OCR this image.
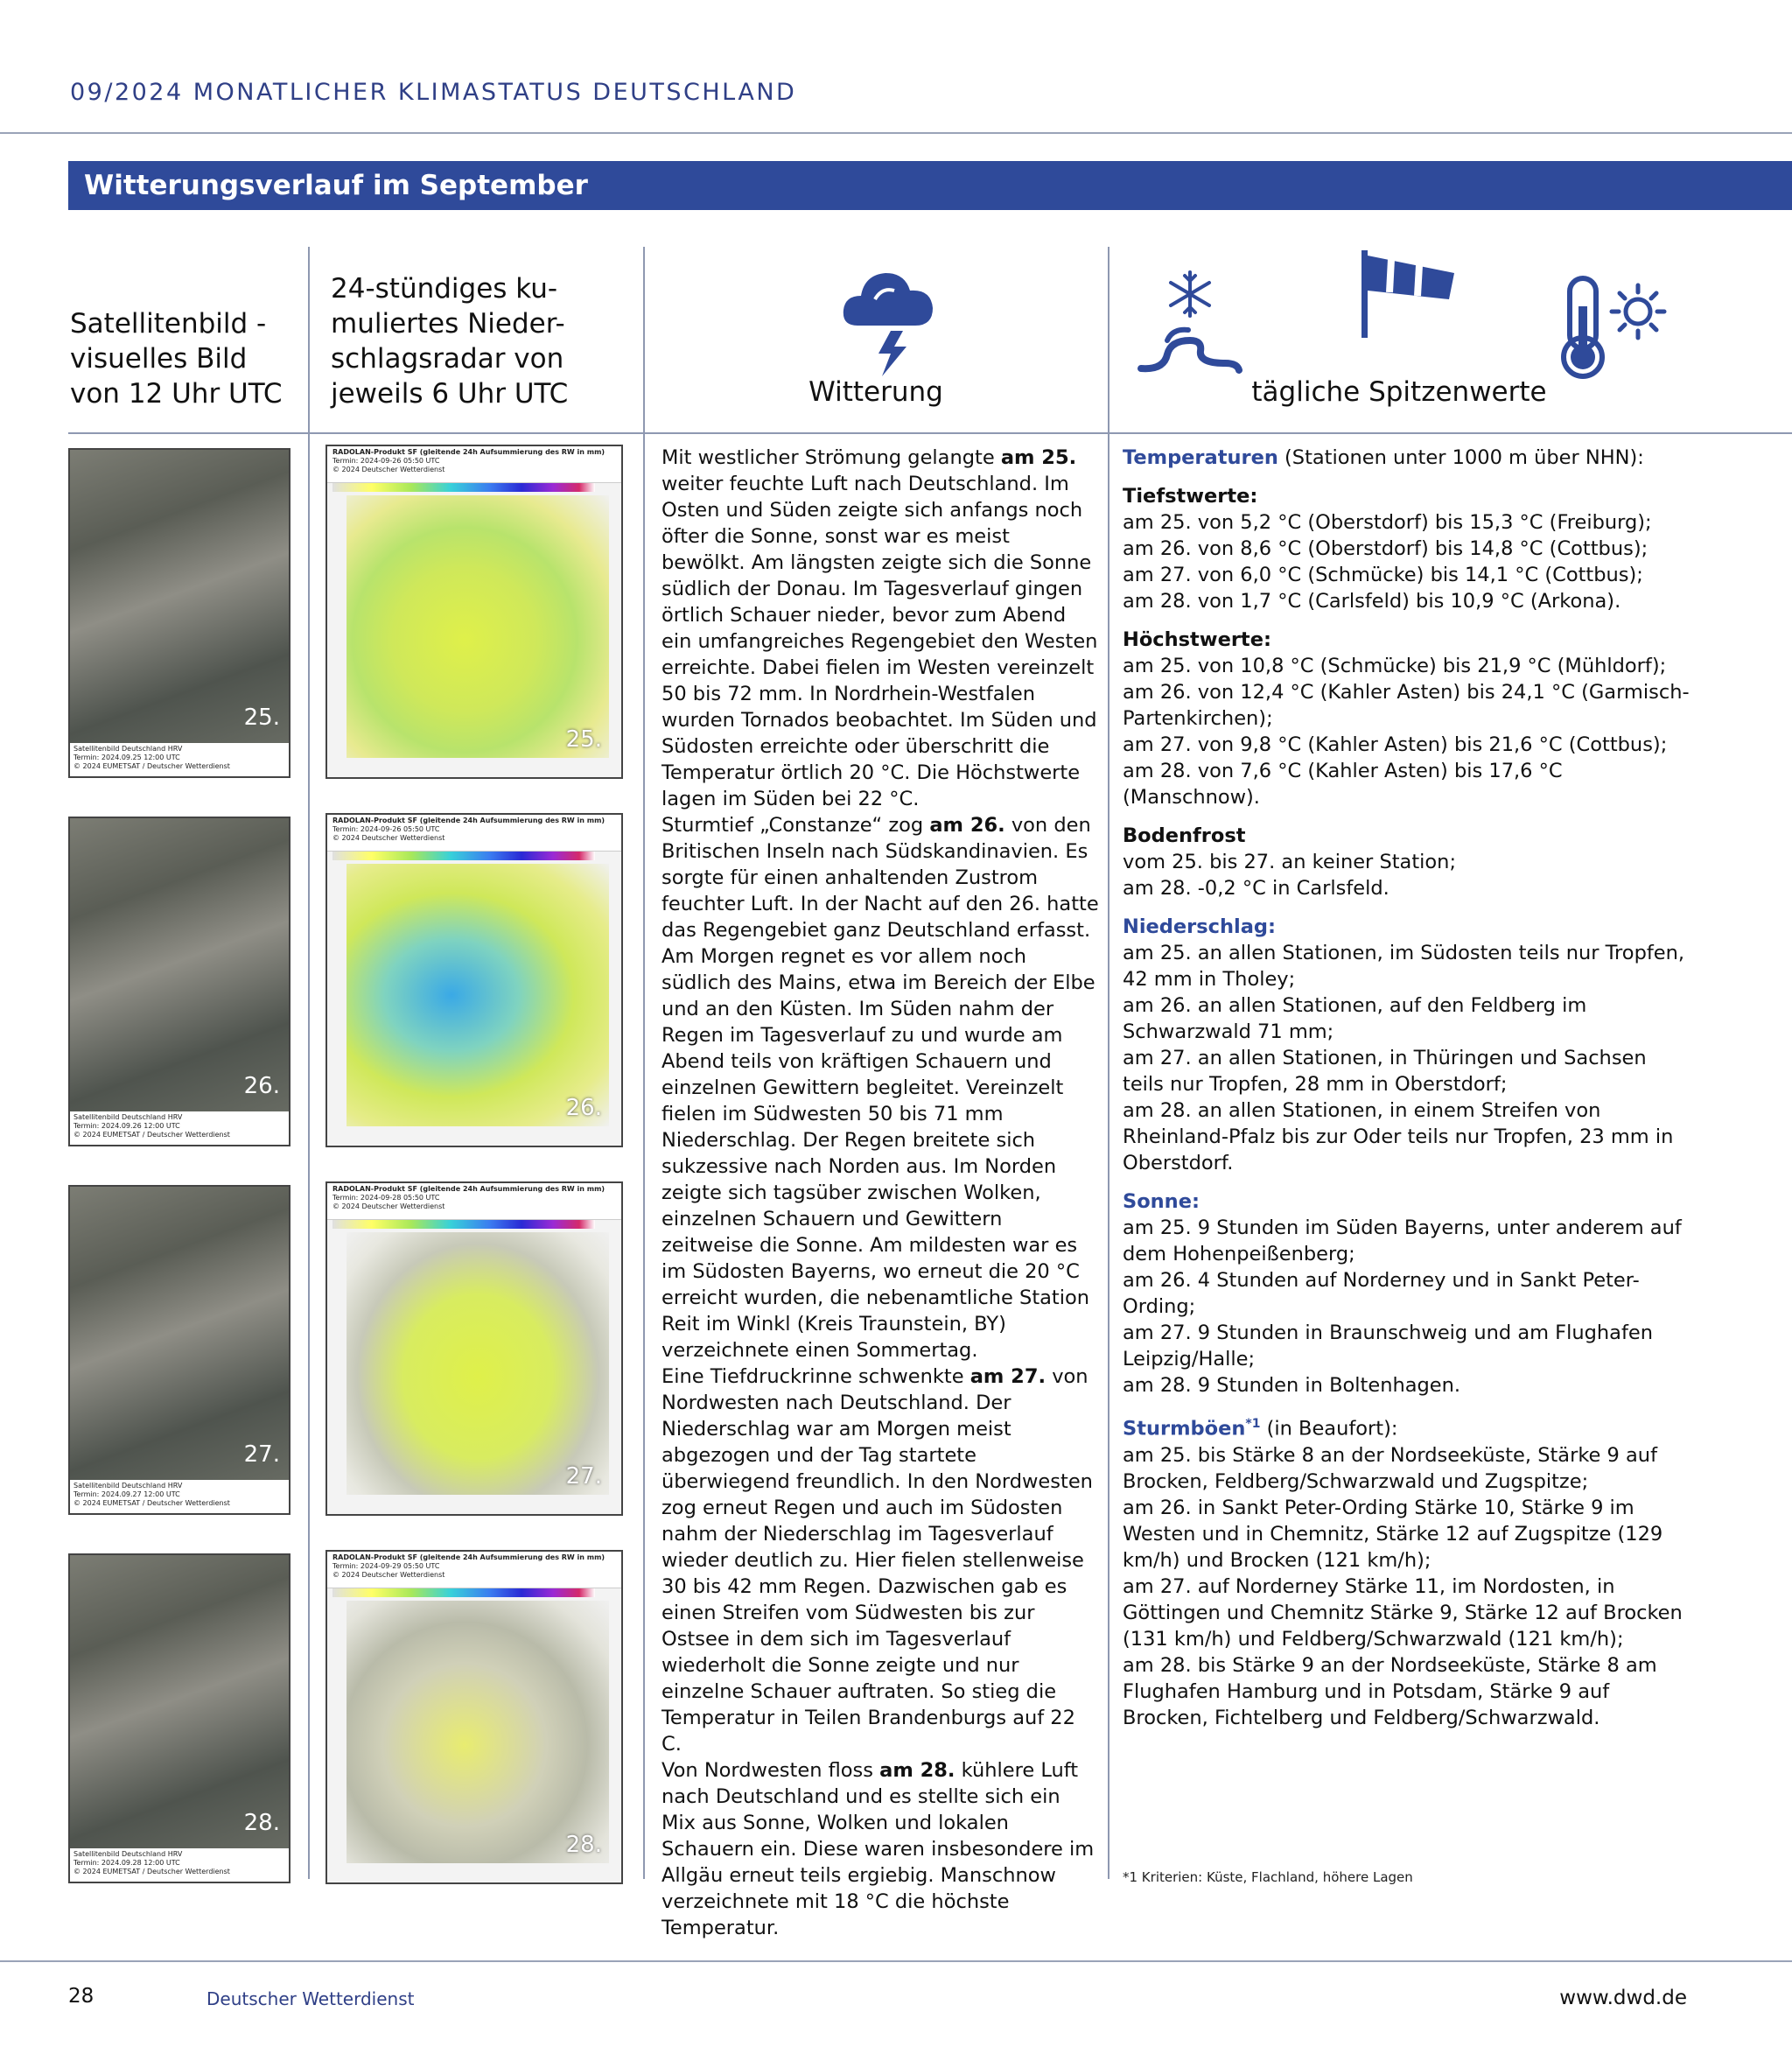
09/2024 MONATLICHER KLIMASTATUS DEUTSCHLAND
Witterungsverlauf im September
Satellitenbild -
visuelles Bild
von 12 Uhr UTC
24-stündiges ku-
muliertes Nieder-
schlagsradar von
jeweils 6 Uhr UTC	Witterung	tägliche Spitzenwerte
25.
Satellitenbild Deutschland HRV
Termin: 2024.09.25 12:00 UTC
© 2024 EUMETSAT / Deutscher Wetterdienst
26.
Satellitenbild Deutschland HRV
Termin: 2024.09.26 12:00 UTC
© 2024 EUMETSAT / Deutscher Wetterdienst
27.
Satellitenbild Deutschland HRV
Termin: 2024.09.27 12:00 UTC
© 2024 EUMETSAT / Deutscher Wetterdienst
28.
Satellitenbild Deutschland HRV
Termin: 2024.09.28 12:00 UTC
© 2024 EUMETSAT / Deutscher Wetterdienst
RADOLAN-Produkt SF (gleitende 24h Aufsummierung des RW in mm)
Termin: 2024-09-26 05:50 UTC
© 2024 Deutscher Wetterdienst
25.
RADOLAN-Produkt SF (gleitende 24h Aufsummierung des RW in mm)
Termin: 2024-09-26 05:50 UTC
© 2024 Deutscher Wetterdienst
26.
RADOLAN-Produkt SF (gleitende 24h Aufsummierung des RW in mm)
Termin: 2024-09-28 05:50 UTC
© 2024 Deutscher Wetterdienst
27.
RADOLAN-Produkt SF (gleitende 24h Aufsummierung des RW in mm)
Termin: 2024-09-29 05:50 UTC
© 2024 Deutscher Wetterdienst
28.
Mit westlicher Strömung gelangte am 25. weiter feuchte Luft nach Deutschland. Im Osten und Süden zeigte sich anfangs noch öfter die Sonne, sonst war es meist bewölkt. Am längsten zeigte sich die Sonne südlich der Donau. Im Tagesverlauf gingen örtlich Schauer nieder, bevor zum Abend ein umfangreiches Regengebiet den Westen erreichte. Dabei fielen im Westen vereinzelt 50 bis 72 mm. In Nordrhein-Westfalen wurden Tornados beobachtet. Im Süden und Südosten erreichte oder überschritt die Temperatur örtlich 20 °C. Die Höchstwerte lagen im Süden bei 22 °C.
Sturmtief „Constanze“ zog am 26. von den Britischen Inseln nach Südskandinavien. Es sorgte für einen anhaltenden Zustrom feuchter Luft. In der Nacht auf den 26. hatte das Regengebiet ganz Deutschland erfasst. Am Morgen regnet es vor allem noch südlich des Mains, etwa im Bereich der Elbe und an den Küsten. Im Süden nahm der Regen im Tagesverlauf zu und wurde am Abend teils von kräftigen Schauern und einzelnen Gewittern begleitet. Vereinzelt fielen im Südwesten 50 bis 71 mm Niederschlag. Der Regen breitete sich sukzessive nach Norden aus. Im Norden zeigte sich tagsüber zwischen Wolken, einzelnen Schauern und Gewittern zeitweise die Sonne. Am mildesten war es im Südosten Bayerns, wo erneut die 20 °C erreicht wurden, die nebenamtliche Station Reit im Winkl (Kreis Traunstein, BY) verzeichnete einen Sommertag.
Eine Tiefdruckrinne schwenkte am 27. von Nordwesten nach Deutschland. Der Niederschlag war am Morgen meist abgezogen und der Tag startete überwiegend freundlich. In den Nordwesten zog erneut Regen und auch im Südosten nahm der Niederschlag im Tagesverlauf wieder deutlich zu. Hier fielen stellenweise 30 bis 42 mm Regen. Dazwischen gab es einen Streifen vom Südwesten bis zur Ostsee in dem sich im Tagesverlauf wiederholt die Sonne zeigte und nur einzelne Schauer auftraten. So stieg die Temperatur in Teilen Brandenburgs auf 22 C.
Von Nordwesten floss am 28. kühlere Luft nach Deutschland und es stellte sich ein Mix aus Sonne, Wolken und lokalen Schauern ein. Diese waren insbesondere im Allgäu erneut teils ergiebig. Manschnow verzeichnete mit 18 °C die höchste Temperatur.
Temperaturen (Stationen unter 1000 m über NHN):
Tiefstwerte:
am 25. von 5,2 °C (Oberstdorf) bis 15,3 °C (Freiburg);
am 26. von 8,6 °C (Oberstdorf) bis 14,8 °C (Cottbus);
am 27. von 6,0 °C (Schmücke) bis 14,1 °C (Cottbus);
am 28. von 1,7 °C (Carlsfeld) bis 10,9 °C (Arkona).
Höchstwerte:
am 25. von 10,8 °C (Schmücke) bis 21,9 °C (Mühldorf);
am 26. von 12,4 °C (Kahler Asten) bis 24,1 °C (Garmisch-Partenkirchen);
am 27. von 9,8 °C (Kahler Asten) bis 21,6 °C (Cottbus);
am 28. von 7,6 °C (Kahler Asten) bis 17,6 °C (Manschnow).
Bodenfrost
vom 25. bis 27. an keiner Station;
am 28. -0,2 °C in Carlsfeld.
Niederschlag:
am 25. an allen Stationen, im Südosten teils nur Tropfen, 42 mm in Tholey;
am 26. an allen Stationen, auf den Feldberg im Schwarzwald 71 mm;
am 27. an allen Stationen, in Thüringen und Sachsen teils nur Tropfen, 28 mm in Oberstdorf;
am 28. an allen Stationen, in einem Streifen von Rheinland-Pfalz bis zur Oder teils nur Tropfen, 23 mm in Oberstdorf.
Sonne:
am 25. 9 Stunden im Süden Bayerns, unter anderem auf dem Hohenpeißenberg;
am 26. 4 Stunden auf Norderney und in Sankt Peter-Ording;
am 27. 9 Stunden in Braunschweig und am Flughafen Leipzig/Halle;
am 28. 9 Stunden in Boltenhagen.
Sturmböen$^{*1}$ (in Beaufort):
am 25. bis Stärke 8 an der Nordseeküste, Stärke 9 auf Brocken, Feldberg/Schwarzwald und Zugspitze;
am 26. in Sankt Peter-Ording Stärke 10, Stärke 9 im Westen und in Chemnitz, Stärke 12 auf Zugspitze (129 km/h) und Brocken (121 km/h);
am 27. auf Norderney Stärke 11, im Nordosten, in Göttingen und Chemnitz Stärke 9, Stärke 12 auf Brocken (131 km/h) und Feldberg/Schwarzwald (121 km/h);
am 28. bis Stärke 9 an der Nordseeküste, Stärke 8 am Flughafen Hamburg und in Potsdam, Stärke 9 auf Brocken, Fichtelberg und Feldberg/Schwarzwald.
*1 Kriterien: Küste, Flachland, höhere Lagen
28	Deutscher Wetterdienst	www.dwd.de
